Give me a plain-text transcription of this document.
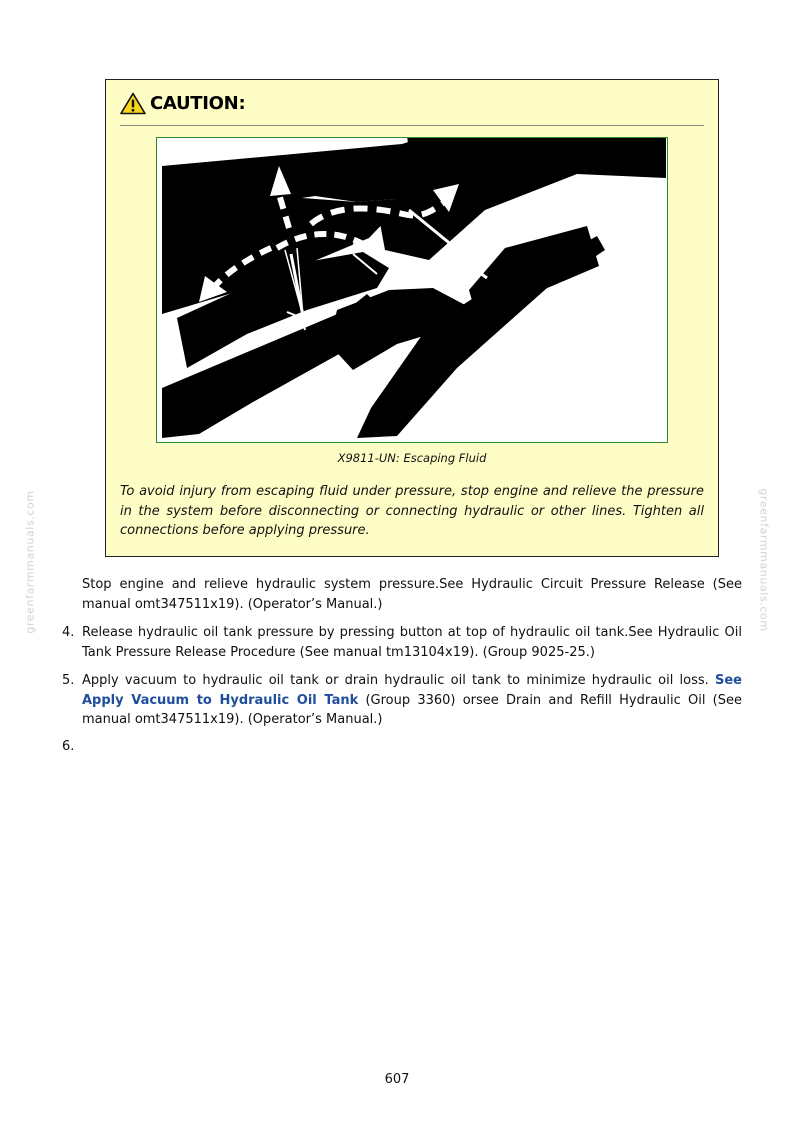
greenfarmmanuals.com	greenfarmmanuals.com
CAUTION:
X9811-UN: Escaping Fluid
To avoid injury from escaping fluid under pressure, stop engine and relieve the pressure in the system before disconnecting or connecting hydraulic or other lines. Tighten all connections before applying pressure.
Stop engine and relieve hydraulic system pressure.See Hydraulic Circuit Pressure Release (See manual omt347511x19). (Operator’s Manual.)
4. Release hydraulic oil tank pressure by pressing button at top of hydraulic oil tank.See Hydraulic Oil Tank Pressure Release Procedure (See manual tm13104x19). (Group 9025-25.)
5. Apply vacuum to hydraulic oil tank or drain hydraulic oil tank to minimize hydraulic oil loss. See Apply Vacuum to Hydraulic Oil Tank (Group 3360) orsee Drain and Refill Hydraulic Oil (See manual omt347511x19). (Operator’s Manual.)
6.
607
